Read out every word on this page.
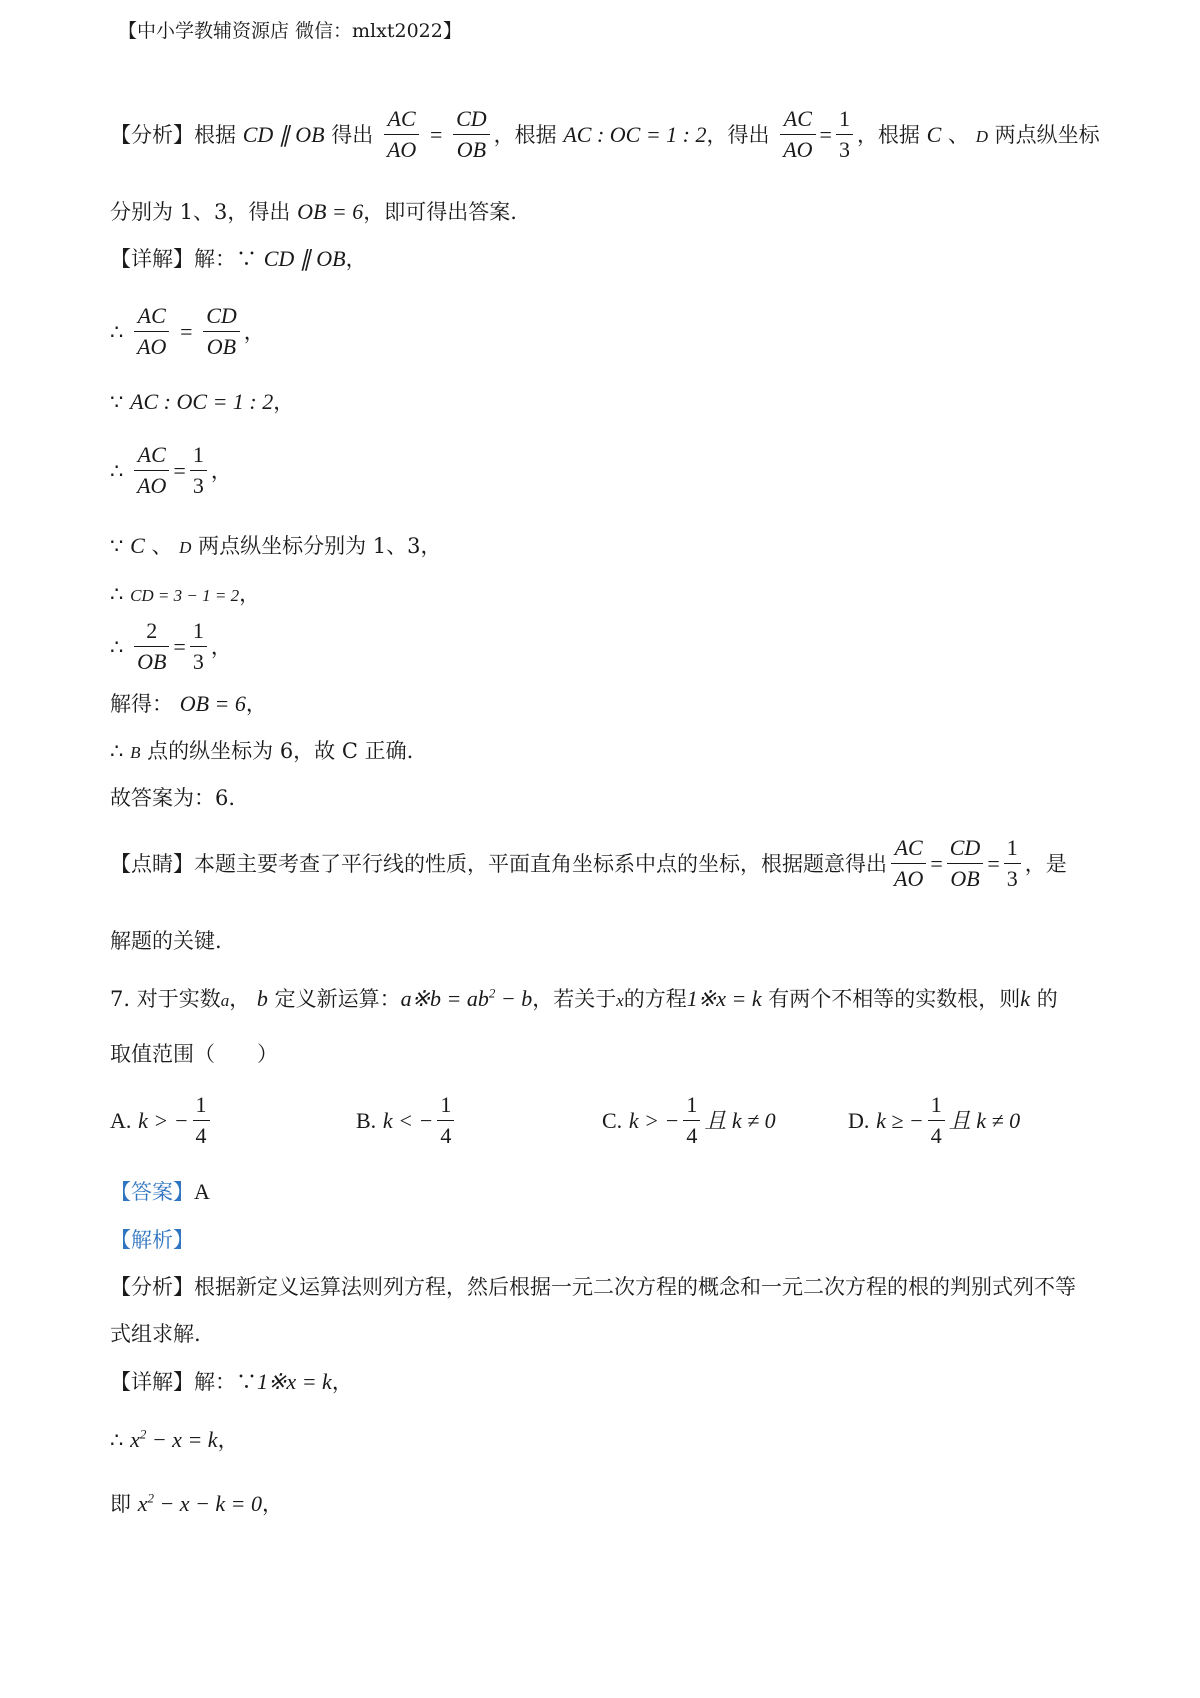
【中小学教辅资源店 微信：mlxt2022】
【分析】根据 CD ∥ OB 得出 $\frac{AC}{AO} = \frac{CD}{OB}$ ，根据 AC : OC = 1 : 2，得出 $\frac{AC}{AO} = \frac{1}{3}$ ，根据 C 、 D 两点纵坐标
分别为 1、3，得出 OB = 6，即可得出答案.
【详解】解：∵ CD ∥ OB，
∴ $\frac{AC}{AO} = \frac{CD}{OB}$ ，
∵ AC : OC = 1 : 2，
∴ $\frac{AC}{AO} = \frac{1}{3}$ ，
∵ C 、 D 两点纵坐标分别为 1、3，
∴ CD = 3 − 1 = 2，
∴ $\frac{2}{OB} = \frac{1}{3}$ ，
解得： OB = 6，
∴ B 点的纵坐标为 6，故 C 正确.
故答案为：6.
【点睛】本题主要考查了平行线的性质，平面直角坐标系中点的坐标，根据题意得出 $\frac{AC}{AO} = \frac{CD}{OB} = \frac{1}{3}$ ，是
解题的关键.
7. 对于实数a， b 定义新运算：a※b = $ab^2 - b$，若关于x的方程1※x = k 有两个不相等的实数根，则k 的
取值范围（　　）
A. k > − $\frac{1}{4}$	B. k < − $\frac{1}{4}$	C. k > − $\frac{1}{4}$ 且 k ≠ 0	D. k ≥ − $\frac{1}{4}$ 且 k ≠ 0
【答案】A
【解析】
【分析】根据新定义运算法则列方程，然后根据一元二次方程的概念和一元二次方程的根的判别式列不等
式组求解.
【详解】解：∵1※x = k，
∴ $x^2 - x = k$，
即 $x^2 - x - k = 0$，
